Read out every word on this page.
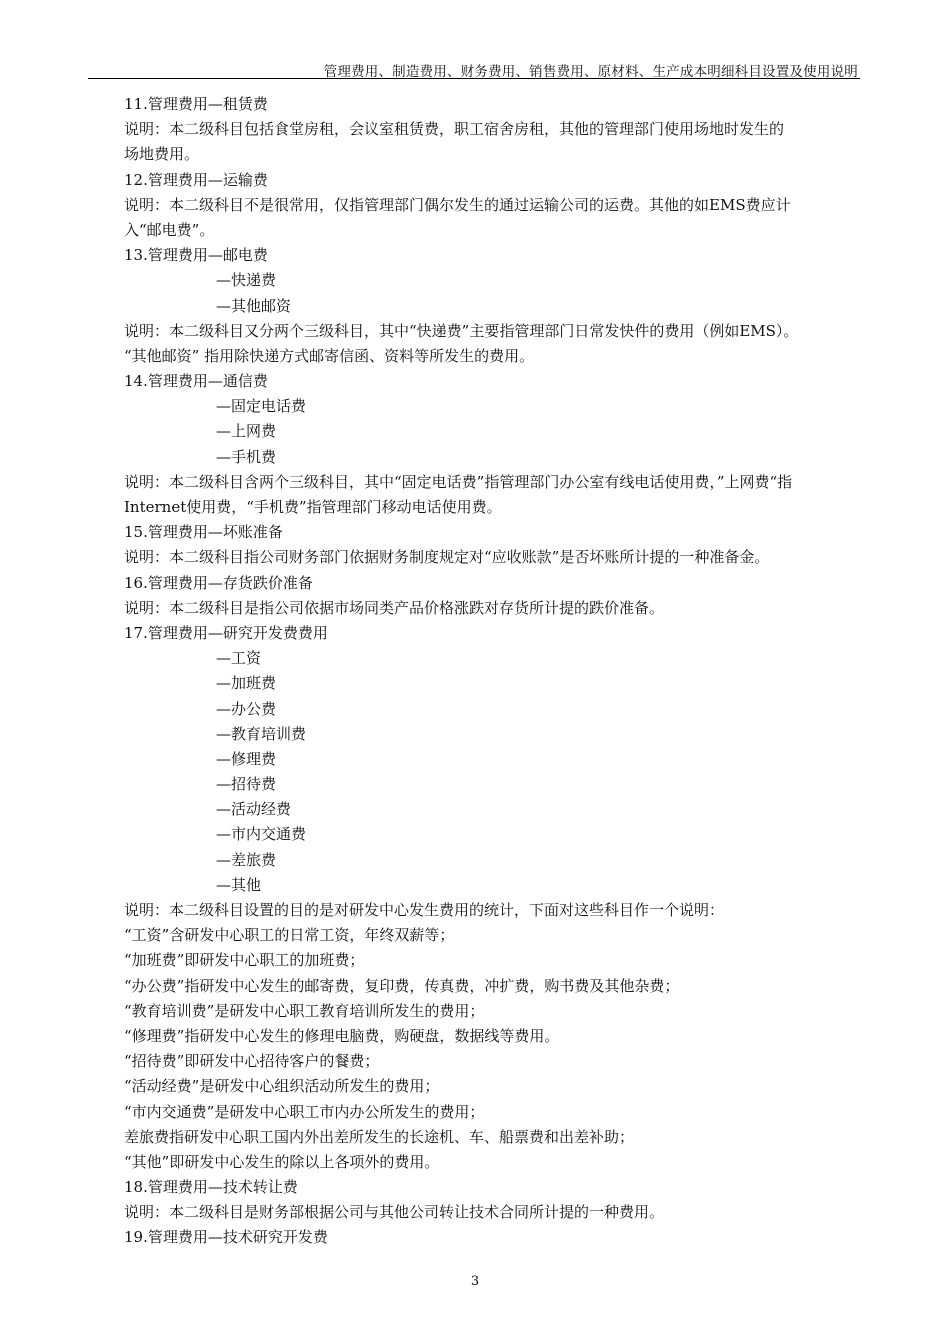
管理费用、制造费用、财务费用、销售费用、原材料、生产成本明细科目设置及使用说明
11.管理费用—租赁费
说明：本二级科目包括食堂房租，会议室租赁费，职工宿舍房租，其他的管理部门使用场地时发生的
场地费用。
12.管理费用—运输费
说明：本二级科目不是很常用，仅指管理部门偶尔发生的通过运输公司的运费。其他的如EMS费应计
入“邮电费”。
13.管理费用—邮电费
—快递费
—其他邮资
说明：本二级科目又分两个三级科目，其中“快递费”主要指管理部门日常发快件的费用（例如EMS）。
“其他邮资” 指用除快递方式邮寄信函、资料等所发生的费用。
14.管理费用—通信费
—固定电话费
—上网费
—手机费
说明：本二级科目含两个三级科目，其中“固定电话费”指管理部门办公室有线电话使用费，”上网费“指
Internet使用费，“手机费”指管理部门移动电话使用费。
15.管理费用—坏账准备
说明：本二级科目指公司财务部门依据财务制度规定对“应收账款”是否坏账所计提的一种准备金。
16.管理费用—存货跌价准备
说明：本二级科目是指公司依据市场同类产品价格涨跌对存货所计提的跌价准备。
17.管理费用—研究开发费费用
—工资
—加班费
—办公费
—教育培训费
—修理费
—招待费
—活动经费
—市内交通费
—差旅费
—其他
说明：本二级科目设置的目的是对研发中心发生费用的统计，下面对这些科目作一个说明：
“工资”含研发中心职工的日常工资，年终双薪等；
“加班费”即研发中心职工的加班费；
“办公费”指研发中心发生的邮寄费，复印费，传真费，冲扩费，购书费及其他杂费；
“教育培训费”是研发中心职工教育培训所发生的费用；
“修理费”指研发中心发生的修理电脑费，购硬盘，数据线等费用。
“招待费”即研发中心招待客户的餐费；
“活动经费”是研发中心组织活动所发生的费用；
“市内交通费”是研发中心职工市内办公所发生的费用；
差旅费指研发中心职工国内外出差所发生的长途机、车、船票费和出差补助；
“其他”即研发中心发生的除以上各项外的费用。
18.管理费用—技术转让费
说明：本二级科目是财务部根据公司与其他公司转让技术合同所计提的一种费用。
19.管理费用—技术研究开发费
3
